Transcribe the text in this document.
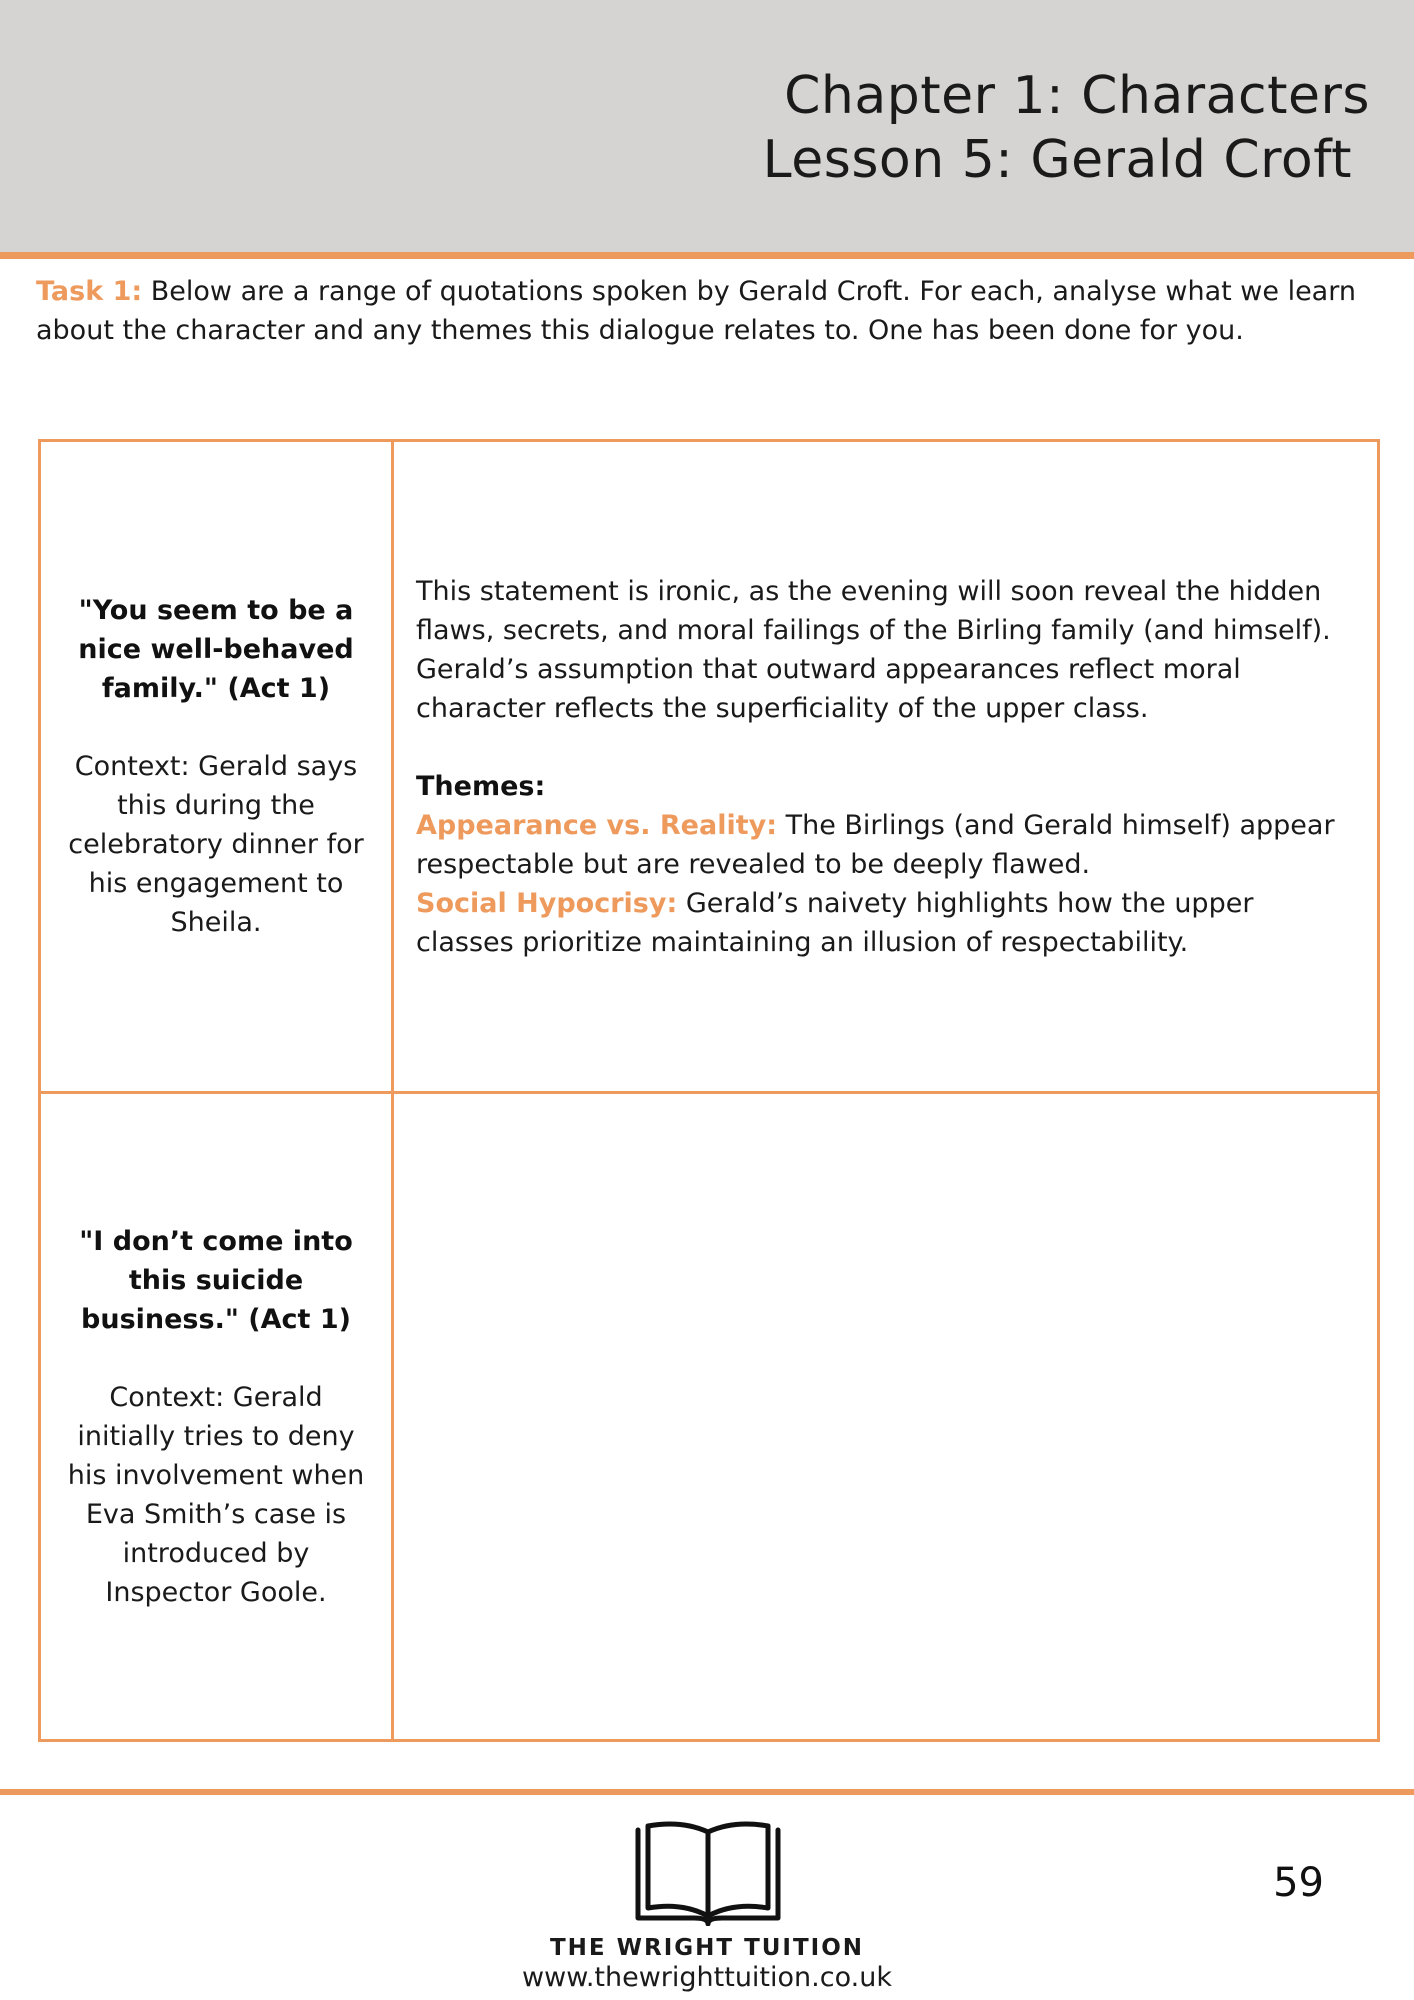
Chapter 1: Characters
Lesson 5: Gerald Croft
Task 1: Below are a range of quotations spoken by Gerald Croft. For each, analyse what we learn about the character and any themes this dialogue relates to. One has been done for you.
"You seem to be a nice well-behaved family." (Act 1)
Context: Gerald says this during the celebratory dinner for his engagement to Sheila.
This statement is ironic, as the evening will soon reveal the hidden flaws, secrets, and moral failings of the Birling family (and himself). Gerald’s assumption that outward appearances reflect moral character reflects the superficiality of the upper class.
Themes:
Appearance vs. Reality: The Birlings (and Gerald himself) appear respectable but are revealed to be deeply flawed.
Social Hypocrisy: Gerald’s naivety highlights how the upper classes prioritize maintaining an illusion of respectability.
"I don’t come into this suicide business." (Act 1)
Context: Gerald initially tries to deny his involvement when Eva Smith’s case is introduced by Inspector Goole.
THE WRIGHT TUITION
www.thewrighttuition.co.uk
59
